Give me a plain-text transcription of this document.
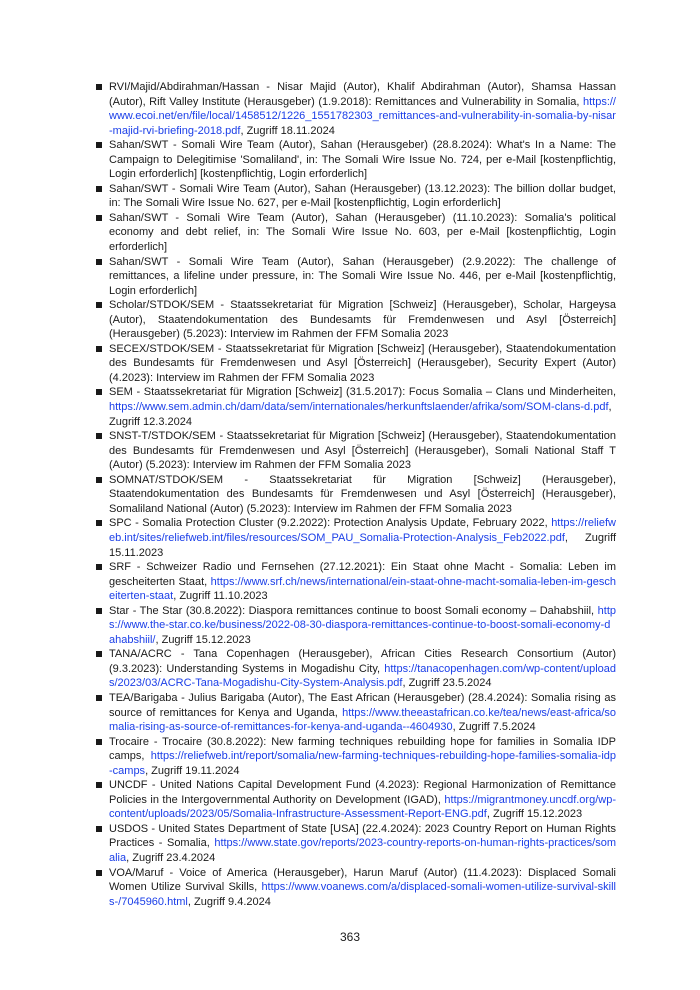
RVI/Majid/Abdirahman/Hassan - Nisar Majid (Autor), Khalif Abdirahman (Autor), Shamsa Hassan (Autor), Rift Valley Institute (Herausgeber) (1.9.2018): Remittances and Vulnerability in Somalia, https://www.ecoi.net/en/file/local/1458512/1226_1551782303_remittances-and-vulnerability-in-somalia-by-nisar-majid-rvi-briefing-2018.pdf, Zugriff 18.11.2024
Sahan/SWT - Somali Wire Team (Autor), Sahan (Herausgeber) (28.8.2024): What's In a Name: The Campaign to Delegitimise 'Somaliland', in: The Somali Wire Issue No. 724, per e-Mail [kostenpflichtig, Login erforderlich] [kostenpflichtig, Login erforderlich]
Sahan/SWT - Somali Wire Team (Autor), Sahan (Herausgeber) (13.12.2023): The billion dollar budget, in: The Somali Wire Issue No. 627, per e-Mail [kostenpflichtig, Login erforderlich]
Sahan/SWT - Somali Wire Team (Autor), Sahan (Herausgeber) (11.10.2023): Somalia's political economy and debt relief, in: The Somali Wire Issue No. 603, per e-Mail [kostenpflichtig, Login erforderlich]
Sahan/SWT - Somali Wire Team (Autor), Sahan (Herausgeber) (2.9.2022): The challenge of remittances, a lifeline under pressure, in: The Somali Wire Issue No. 446, per e-Mail [kostenpflichtig, Login erforderlich]
Scholar/STDOK/SEM - Staatssekretariat für Migration [Schweiz] (Herausgeber), Scholar, Hargeysa (Autor), Staatendokumentation des Bundesamts für Fremdenwesen und Asyl [Österreich] (Herausgeber) (5.2023): Interview im Rahmen der FFM Somalia 2023
SECEX/STDOK/SEM - Staatssekretariat für Migration [Schweiz] (Herausgeber), Staatendokumentation des Bundesamts für Fremdenwesen und Asyl [Österreich] (Herausgeber), Security Expert (Autor) (4.2023): Interview im Rahmen der FFM Somalia 2023
SEM - Staatssekretariat für Migration [Schweiz] (31.5.2017): Focus Somalia – Clans und Minderheiten, https://www.sem.admin.ch/dam/data/sem/internationales/herkunftslaender/afrika/som/SOM-clans-d.pdf, Zugriff 12.3.2024
SNST-T/STDOK/SEM - Staatssekretariat für Migration [Schweiz] (Herausgeber), Staatendokumentation des Bundesamts für Fremdenwesen und Asyl [Österreich] (Herausgeber), Somali National Staff T (Autor) (5.2023): Interview im Rahmen der FFM Somalia 2023
SOMNAT/STDOK/SEM - Staatssekretariat für Migration [Schweiz] (Herausgeber), Staatendokumentation des Bundesamts für Fremdenwesen und Asyl [Österreich] (Herausgeber), Somaliland National (Autor) (5.2023): Interview im Rahmen der FFM Somalia 2023
SPC - Somalia Protection Cluster (9.2.2022): Protection Analysis Update, February 2022, https://reliefweb.int/sites/reliefweb.int/files/resources/SOM_PAU_Somalia-Protection-Analysis_Feb2022.pdf, Zugriff 15.11.2023
SRF - Schweizer Radio und Fernsehen (27.12.2021): Ein Staat ohne Macht - Somalia: Leben im gescheiterten Staat, https://www.srf.ch/news/international/ein-staat-ohne-macht-somalia-leben-im-gescheiterten-staat, Zugriff 11.10.2023
Star - The Star (30.8.2022): Diaspora remittances continue to boost Somali economy – Dahabshiil, https://www.the-star.co.ke/business/2022-08-30-diaspora-remittances-continue-to-boost-somali-economy-dahabshiil/, Zugriff 15.12.2023
TANA/ACRC - Tana Copenhagen (Herausgeber), African Cities Research Consortium (Autor) (9.3.2023): Understanding Systems in Mogadishu City, https://tanacopenhagen.com/wp-content/uploads/2023/03/ACRC-Tana-Mogadishu-City-System-Analysis.pdf, Zugriff 23.5.2024
TEA/Barigaba - Julius Barigaba (Autor), The East African (Herausgeber) (28.4.2024): Somalia rising as source of remittances for Kenya and Uganda, https://www.theeastafrican.co.ke/tea/news/east-africa/somalia-rising-as-source-of-remittances-for-kenya-and-uganda--4604930, Zugriff 7.5.2024
Trocaire - Trocaire (30.8.2022): New farming techniques rebuilding hope for families in Somalia IDP camps, https://reliefweb.int/report/somalia/new-farming-techniques-rebuilding-hope-families-somalia-idp-camps, Zugriff 19.11.2024
UNCDF - United Nations Capital Development Fund (4.2023): Regional Harmonization of Remittance Policies in the Intergovernmental Authority on Development (IGAD), https://migrantmoney.uncdf.org/wp-content/uploads/2023/05/Somalia-Infrastructure-Assessment-Report-ENG.pdf, Zugriff 15.12.2023
USDOS - United States Department of State [USA] (22.4.2024): 2023 Country Report on Human Rights Practices - Somalia, https://www.state.gov/reports/2023-country-reports-on-human-rights-practices/somalia, Zugriff 23.4.2024
VOA/Maruf - Voice of America (Herausgeber), Harun Maruf (Autor) (11.4.2023): Displaced Somali Women Utilize Survival Skills, https://www.voanews.com/a/displaced-somali-women-utilize-survival-skills-/7045960.html, Zugriff 9.4.2024
363
